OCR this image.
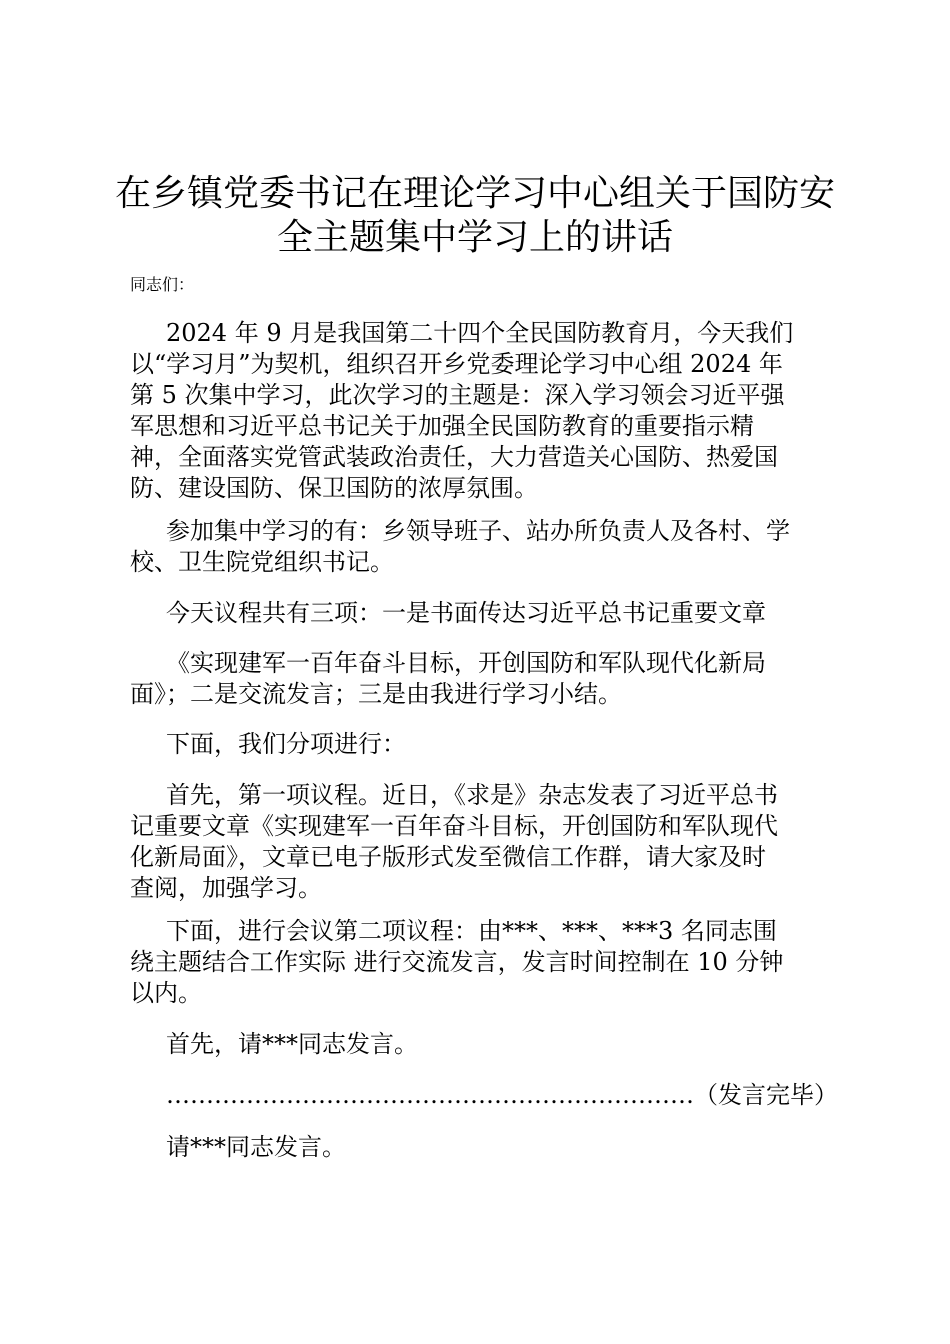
在乡镇党委书记在理论学习中心组关于国防安
全主题集中学习上的讲话

同志们：

2024 年 9 月是我国第二十四个全民国防教育月，今天我们
以“学习月”为契机，组织召开乡党委理论学习中心组 2024 年
第 5 次集中学习，此次学习的主题是：深入学习领会习近平强
军思想和习近平总书记关于加强全民国防教育的重要指示精
神，全面落实党管武装政治责任，大力营造关心国防、热爱国
防、建设国防、保卫国防的浓厚氛围。
参加集中学习的有：乡领导班子、站办所负责人及各村、学
校、卫生院党组织书记。
今天议程共有三项：一是书面传达习近平总书记重要文章
《实现建军一百年奋斗目标，开创国防和军队现代化新局
面》；二是交流发言；三是由我进行学习小结。
下面，我们分项进行：
首先，第一项议程。近日，《求是》杂志发表了习近平总书
记重要文章《实现建军一百年奋斗目标，开创国防和军队现代
化新局面》，文章已电子版形式发至微信工作群，请大家及时
查阅，加强学习。
下面，进行会议第二项议程：由***、***、***3 名同志围
绕主题结合工作实际 进行交流发言，发言时间控制在 10 分钟
以内。
首先，请***同志发言。
…………………………………………………………（发言完毕）
请***同志发言。
